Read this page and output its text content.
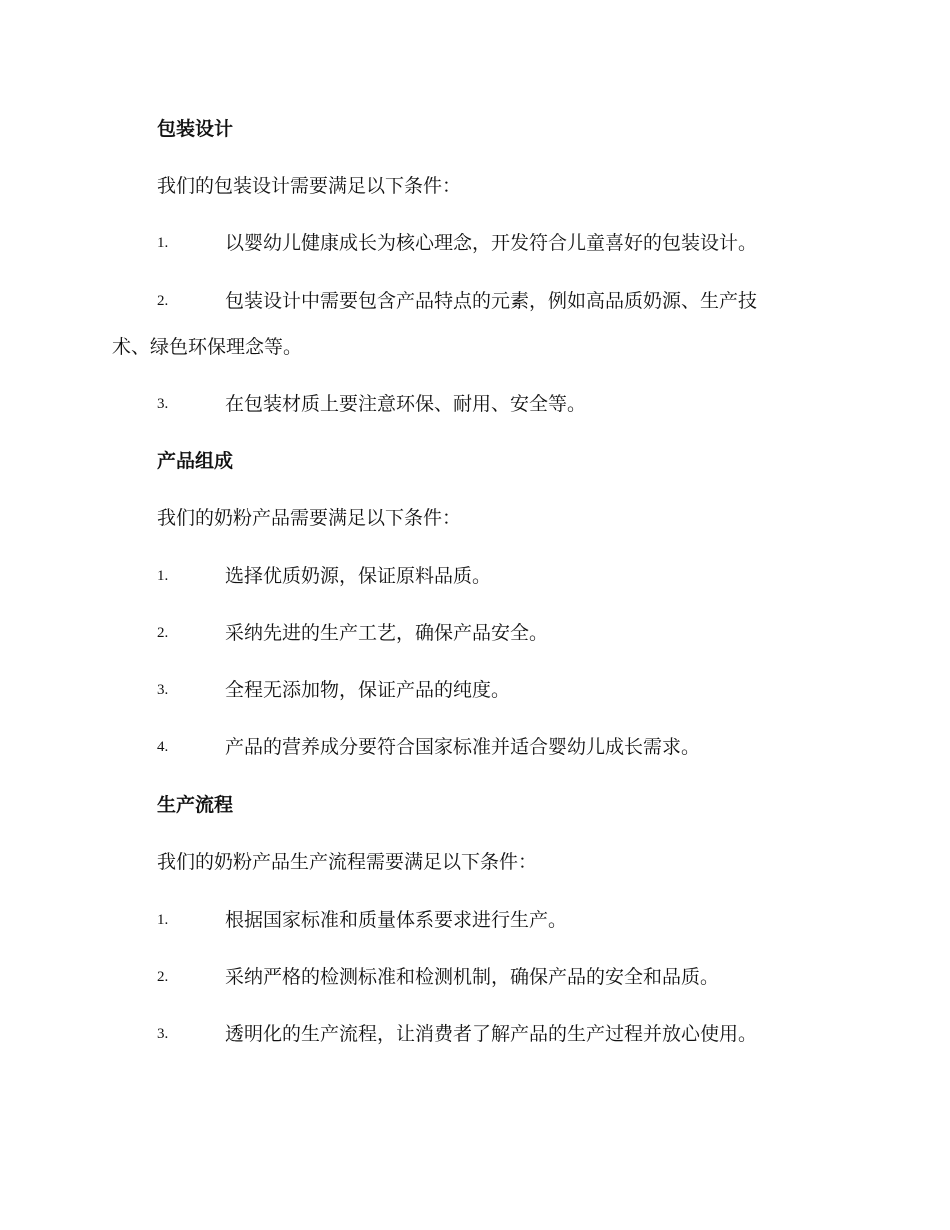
包装设计
我们的包装设计需要满足以下条件：
1.	以婴幼儿健康成长为核心理念，开发符合儿童喜好的包装设计。
2.	包装设计中需要包含产品特点的元素，例如高品质奶源、生产技
术、绿色环保理念等。
3.	在包装材质上要注意环保、耐用、安全等。
产品组成
我们的奶粉产品需要满足以下条件：
1.	选择优质奶源，保证原料品质。
2.	采纳先进的生产工艺，确保产品安全。
3.	全程无添加物，保证产品的纯度。
4.	产品的营养成分要符合国家标准并适合婴幼儿成长需求。
生产流程
我们的奶粉产品生产流程需要满足以下条件：
1.	根据国家标准和质量体系要求进行生产。
2.	采纳严格的检测标准和检测机制，确保产品的安全和品质。
3.	透明化的生产流程，让消费者了解产品的生产过程并放心使用。
